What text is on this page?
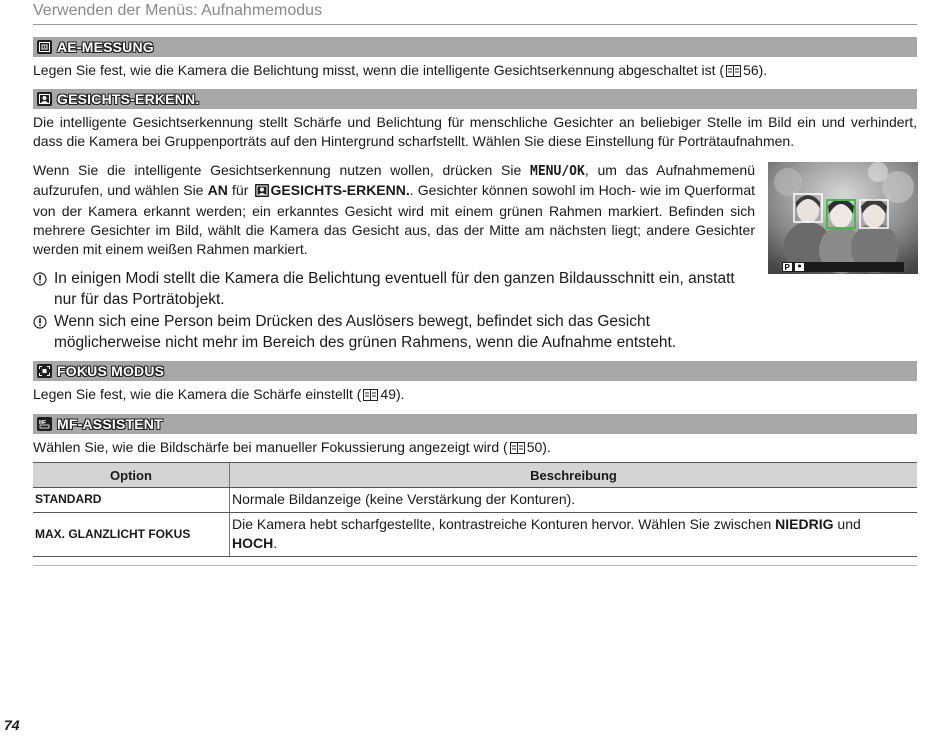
Verwenden der Menüs: Aufnahmemodus
AE-MESSUNG
Legen Sie fest, wie die Kamera die Belichtung misst, wenn die intelligente Gesichtserkennung abgeschaltet ist ( 56).
GESICHTS-ERKENN.
Die intelligente Gesichtserkennung stellt Schärfe und Belichtung für menschliche Gesichter an beliebiger Stelle im Bild ein und verhindert, dass die Kamera bei Gruppenporträts auf den Hintergrund scharfstellt. Wählen Sie diese Einstellung für Porträtaufnahmen.
Wenn Sie die intelligente Gesichtserkennung nutzen wollen, drücken Sie MENU/OK, um das Aufnahmemenü aufzurufen, und wählen Sie AN für GESICHTS-ERKENN.. Gesichter können sowohl im Hoch- wie im Querformat von der Kamera erkannt werden; ein erkanntes Gesicht wird mit einem grünen Rahmen markiert. Befinden sich mehrere Gesichter im Bild, wählt die Kamera das Gesicht aus, das der Mitte am nächsten liegt; andere Gesichter werden mit einem weißen Rahmen markiert.
P
In einigen Modi stellt die Kamera die Belichtung eventuell für den ganzen Bildausschnitt ein, anstatt nur für das Porträtobjekt.
Wenn sich eine Person beim Drücken des Auslösers bewegt, befindet sich das Gesicht möglicherweise nicht mehr im Bereich des grünen Rahmens, wenn die Aufnahme entsteht.
FOKUS MODUS
Legen Sie fest, wie die Kamera die Schärfe einstellt ( 49).
MF MF-ASSISTENT
Wählen Sie, wie die Bildschärfe bei manueller Fokussierung angezeigt wird ( 50).
Option	Beschreibung
STANDARD	Normale Bildanzeige (keine Verstärkung der Konturen).
MAX. GLANZLICHT FOKUS	Die Kamera hebt scharfgestellte, kontrastreiche Konturen hervor. Wählen Sie zwischen NIEDRIG und
HOCH.
74
